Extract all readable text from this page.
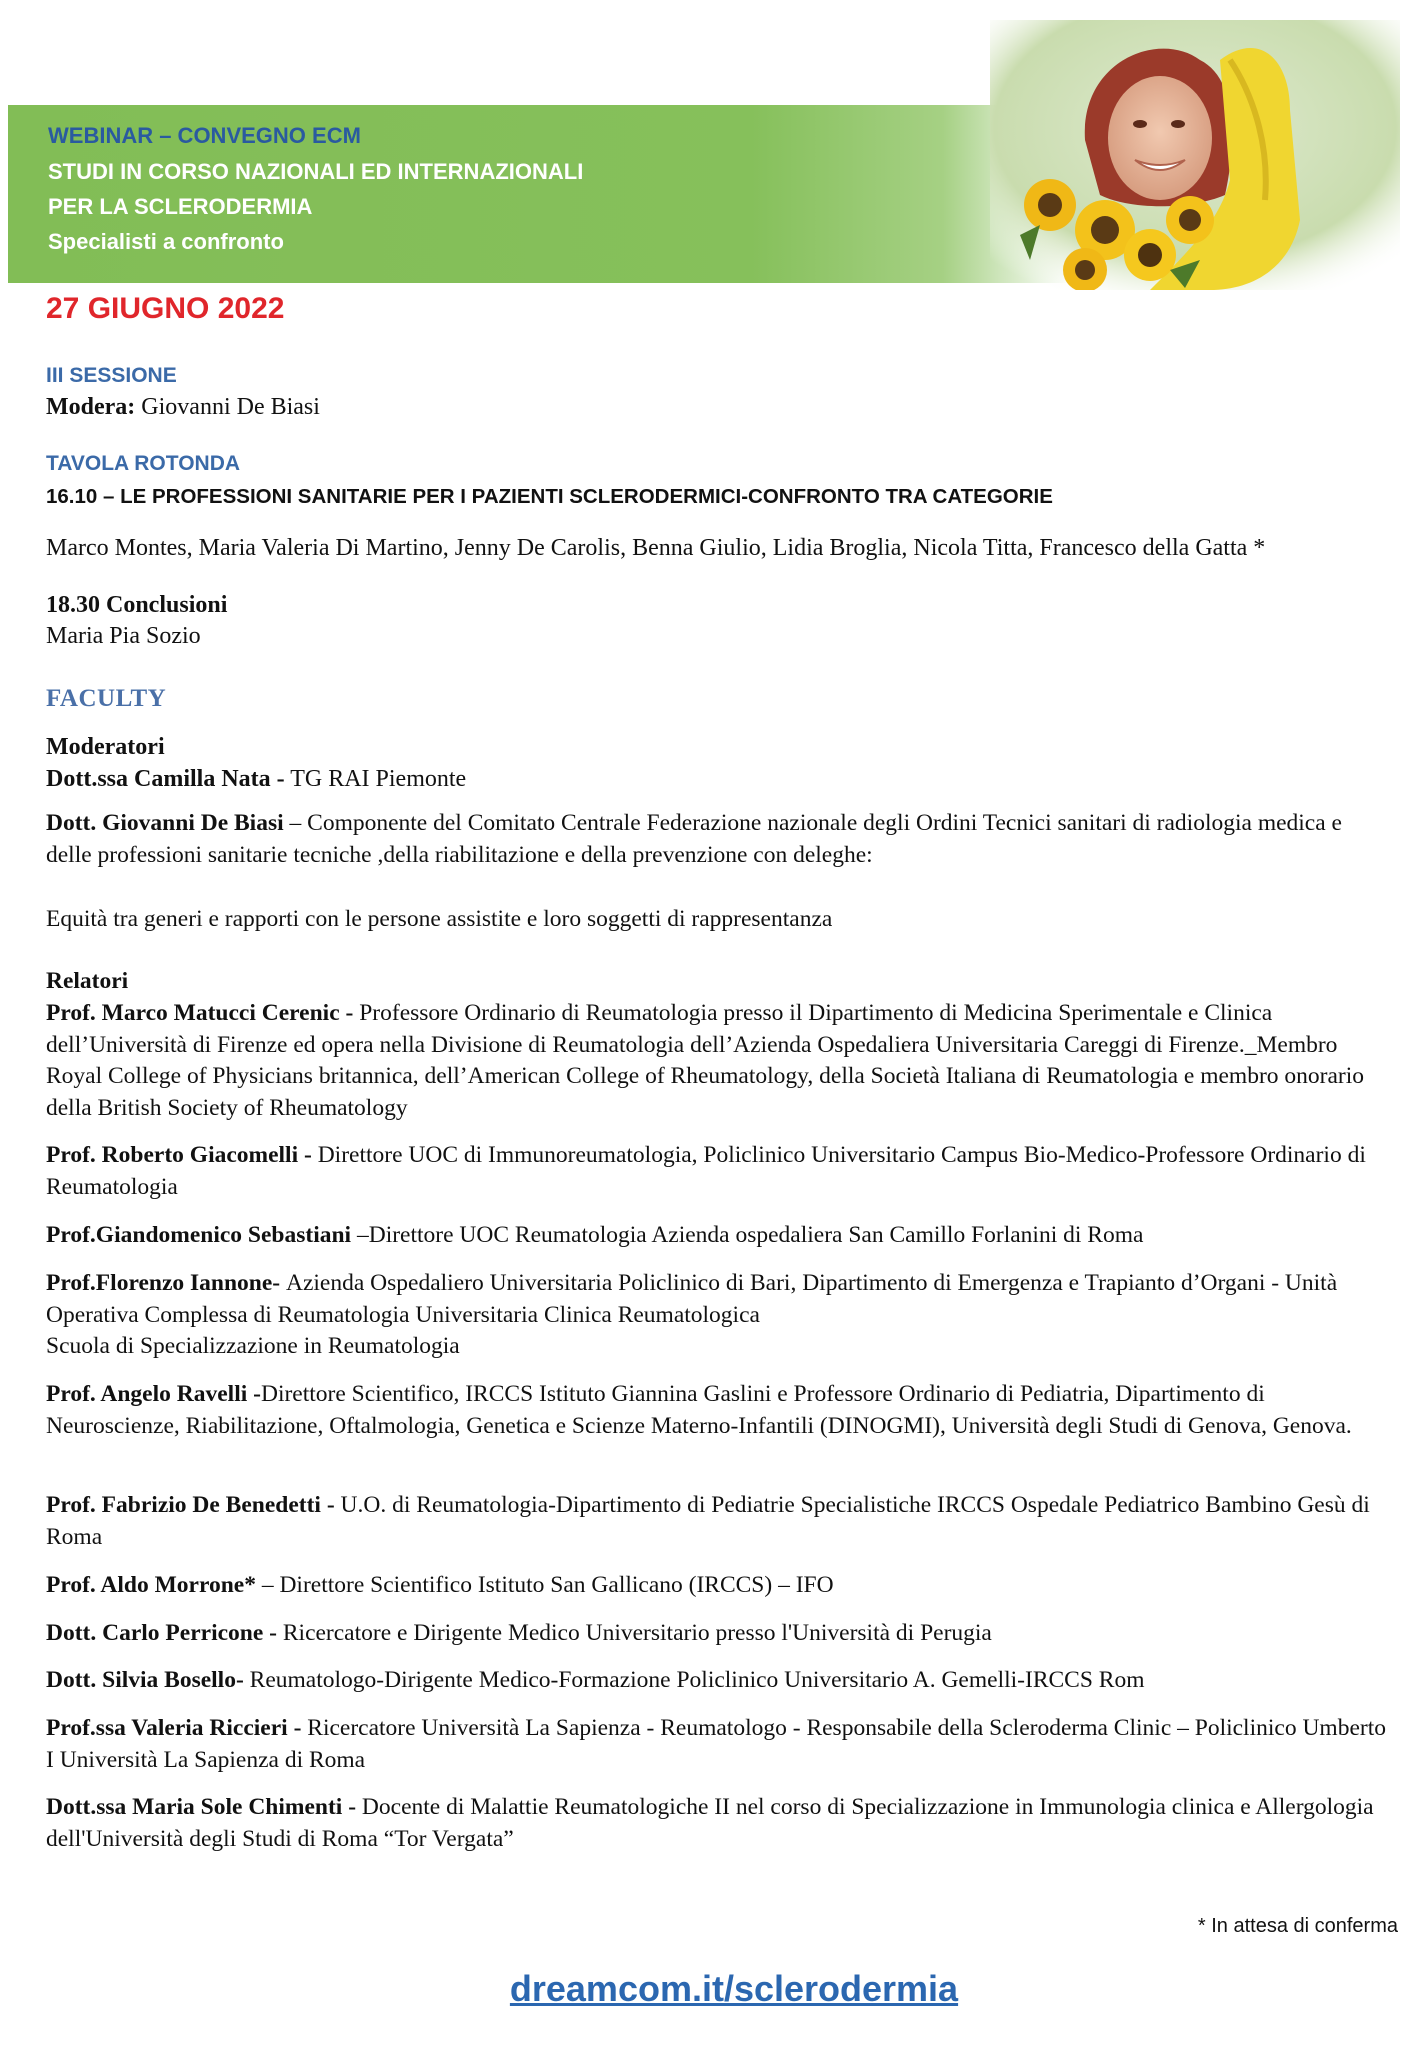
WEBINAR – CONVEGNO ECM
STUDI IN CORSO NAZIONALI ED INTERNAZIONALI
PER LA SCLERODERMIA
Specialisti a confronto
27 GIUGNO 2022
III SESSIONE
Modera: Giovanni De Biasi
TAVOLA ROTONDA
16.10 – LE PROFESSIONI SANITARIE PER I PAZIENTI SCLERODERMICI-CONFRONTO TRA CATEGORIE
Marco Montes, Maria Valeria Di Martino, Jenny De Carolis, Benna Giulio, Lidia Broglia, Nicola Titta, Francesco della Gatta *
18.30 Conclusioni
Maria Pia Sozio
FACULTY
Moderatori
Dott.ssa Camilla Nata - TG RAI Piemonte
Dott. Giovanni De Biasi – Componente del Comitato Centrale Federazione nazionale degli Ordini Tecnici sanitari di radiologia medica e delle professioni sanitarie tecniche ,della riabilitazione e della prevenzione con deleghe:
Equità tra generi e rapporti con le persone assistite e loro soggetti di rappresentanza
Relatori
Prof. Marco Matucci Cerenic - Professore Ordinario di Reumatologia presso il Dipartimento di Medicina Sperimentale e Clinica dell’Università di Firenze ed opera nella Divisione di Reumatologia dell’Azienda Ospedaliera Universitaria Careggi di Firenze._Membro Royal College of Physicians britannica, dell’American College of Rheumatology, della Società Italiana di Reumatologia e membro onorario della British Society of Rheumatology
Prof. Roberto Giacomelli - Direttore UOC di Immunoreumatologia, Policlinico Universitario Campus Bio-Medico-Professore Ordinario di Reumatologia
Prof.Giandomenico Sebastiani –Direttore UOC Reumatologia Azienda ospedaliera San Camillo Forlanini di Roma
Prof.Florenzo Iannone- Azienda Ospedaliero Universitaria Policlinico di Bari, Dipartimento di Emergenza e Trapianto d’Organi - Unità Operativa Complessa di Reumatologia Universitaria Clinica Reumatologica
Scuola di Specializzazione in Reumatologia
Prof. Angelo Ravelli -Direttore Scientifico, IRCCS Istituto Giannina Gaslini e Professore Ordinario di Pediatria, Dipartimento di Neuroscienze, Riabilitazione, Oftalmologia, Genetica e Scienze Materno-Infantili (DINOGMI), Università degli Studi di Genova, Genova.
Prof. Fabrizio De Benedetti - U.O. di Reumatologia-Dipartimento di Pediatrie Specialistiche IRCCS Ospedale Pediatrico Bambino Gesù di Roma
Prof. Aldo Morrone* – Direttore Scientifico Istituto San Gallicano (IRCCS) – IFO
Dott. Carlo Perricone - Ricercatore e Dirigente Medico Universitario presso l'Università di Perugia
Dott. Silvia Bosello- Reumatologo-Dirigente Medico-Formazione Policlinico Universitario A. Gemelli-IRCCS Rom
Prof.ssa Valeria Riccieri - Ricercatore Università La Sapienza - Reumatologo - Responsabile della Scleroderma Clinic – Policlinico Umberto I Università La Sapienza di Roma
Dott.ssa Maria Sole Chimenti - Docente di Malattie Reumatologiche II nel corso di Specializzazione in Immunologia clinica e Allergologia dell'Università degli Studi di Roma “Tor Vergata”
* In attesa di conferma
dreamcom.it/sclerodermia
